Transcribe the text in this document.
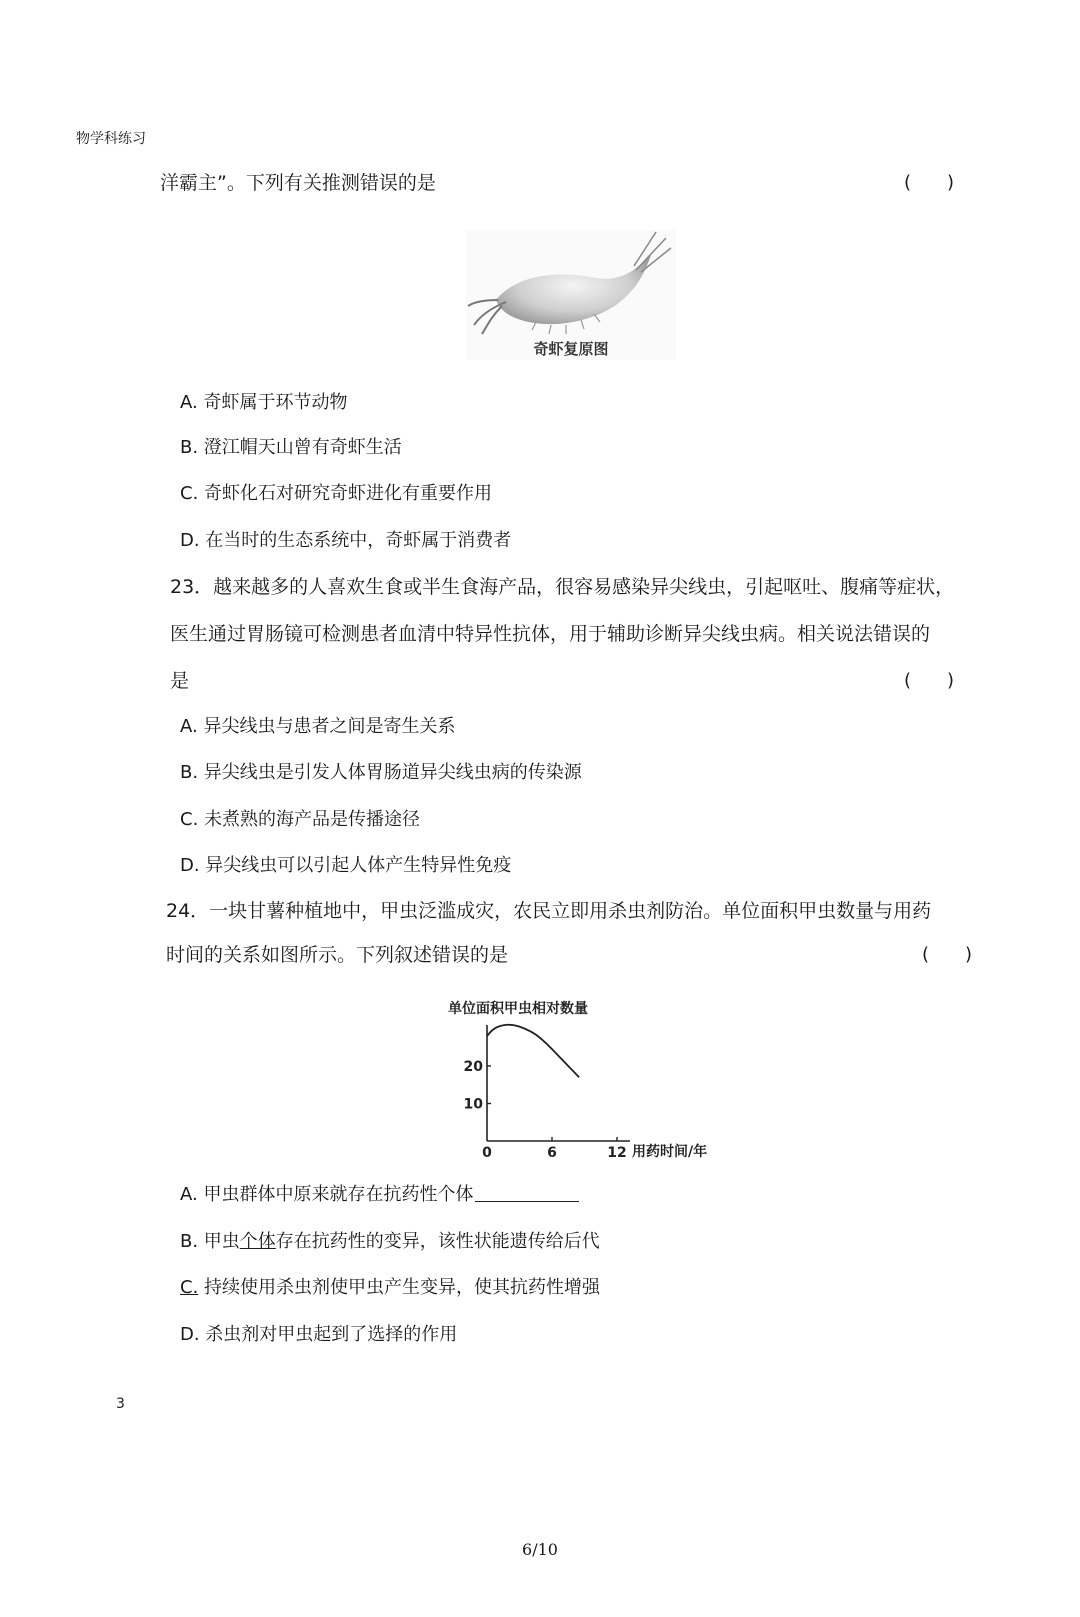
物学科练习
洋霸主”。下列有关推测错误的是	(　　)
奇虾复原图
A. 奇虾属于环节动物
B. 澄江帽天山曾有奇虾生活
C. 奇虾化石对研究奇虾进化有重要作用
D. 在当时的生态系统中，奇虾属于消费者
23．越来越多的人喜欢生食或半生食海产品，很容易感染异尖线虫，引起呕吐、腹痛等症状，
医生通过胃肠镜可检测患者血清中特异性抗体，用于辅助诊断异尖线虫病。相关说法错误的
是	(　　)
A. 异尖线虫与患者之间是寄生关系
B. 异尖线虫是引发人体胃肠道异尖线虫病的传染源
C. 未煮熟的海产品是传播途径
D. 异尖线虫可以引起人体产生特异性免疫
24．一块甘薯种植地中，甲虫泛滥成灾，农民立即用杀虫剂防治。单位面积甲虫数量与用药
时间的关系如图所示。下列叙述错误的是	(　　)
单位面积甲虫相对数量
用药时间/年
0	6	12
10
20
A. 甲虫群体中原来就存在抗药性个体
B. 甲虫个体存在抗药性的变异，该性状能遗传给后代
C. 持续使用杀虫剂使甲虫产生变异，使其抗药性增强
D. 杀虫剂对甲虫起到了选择的作用
3
6/10
